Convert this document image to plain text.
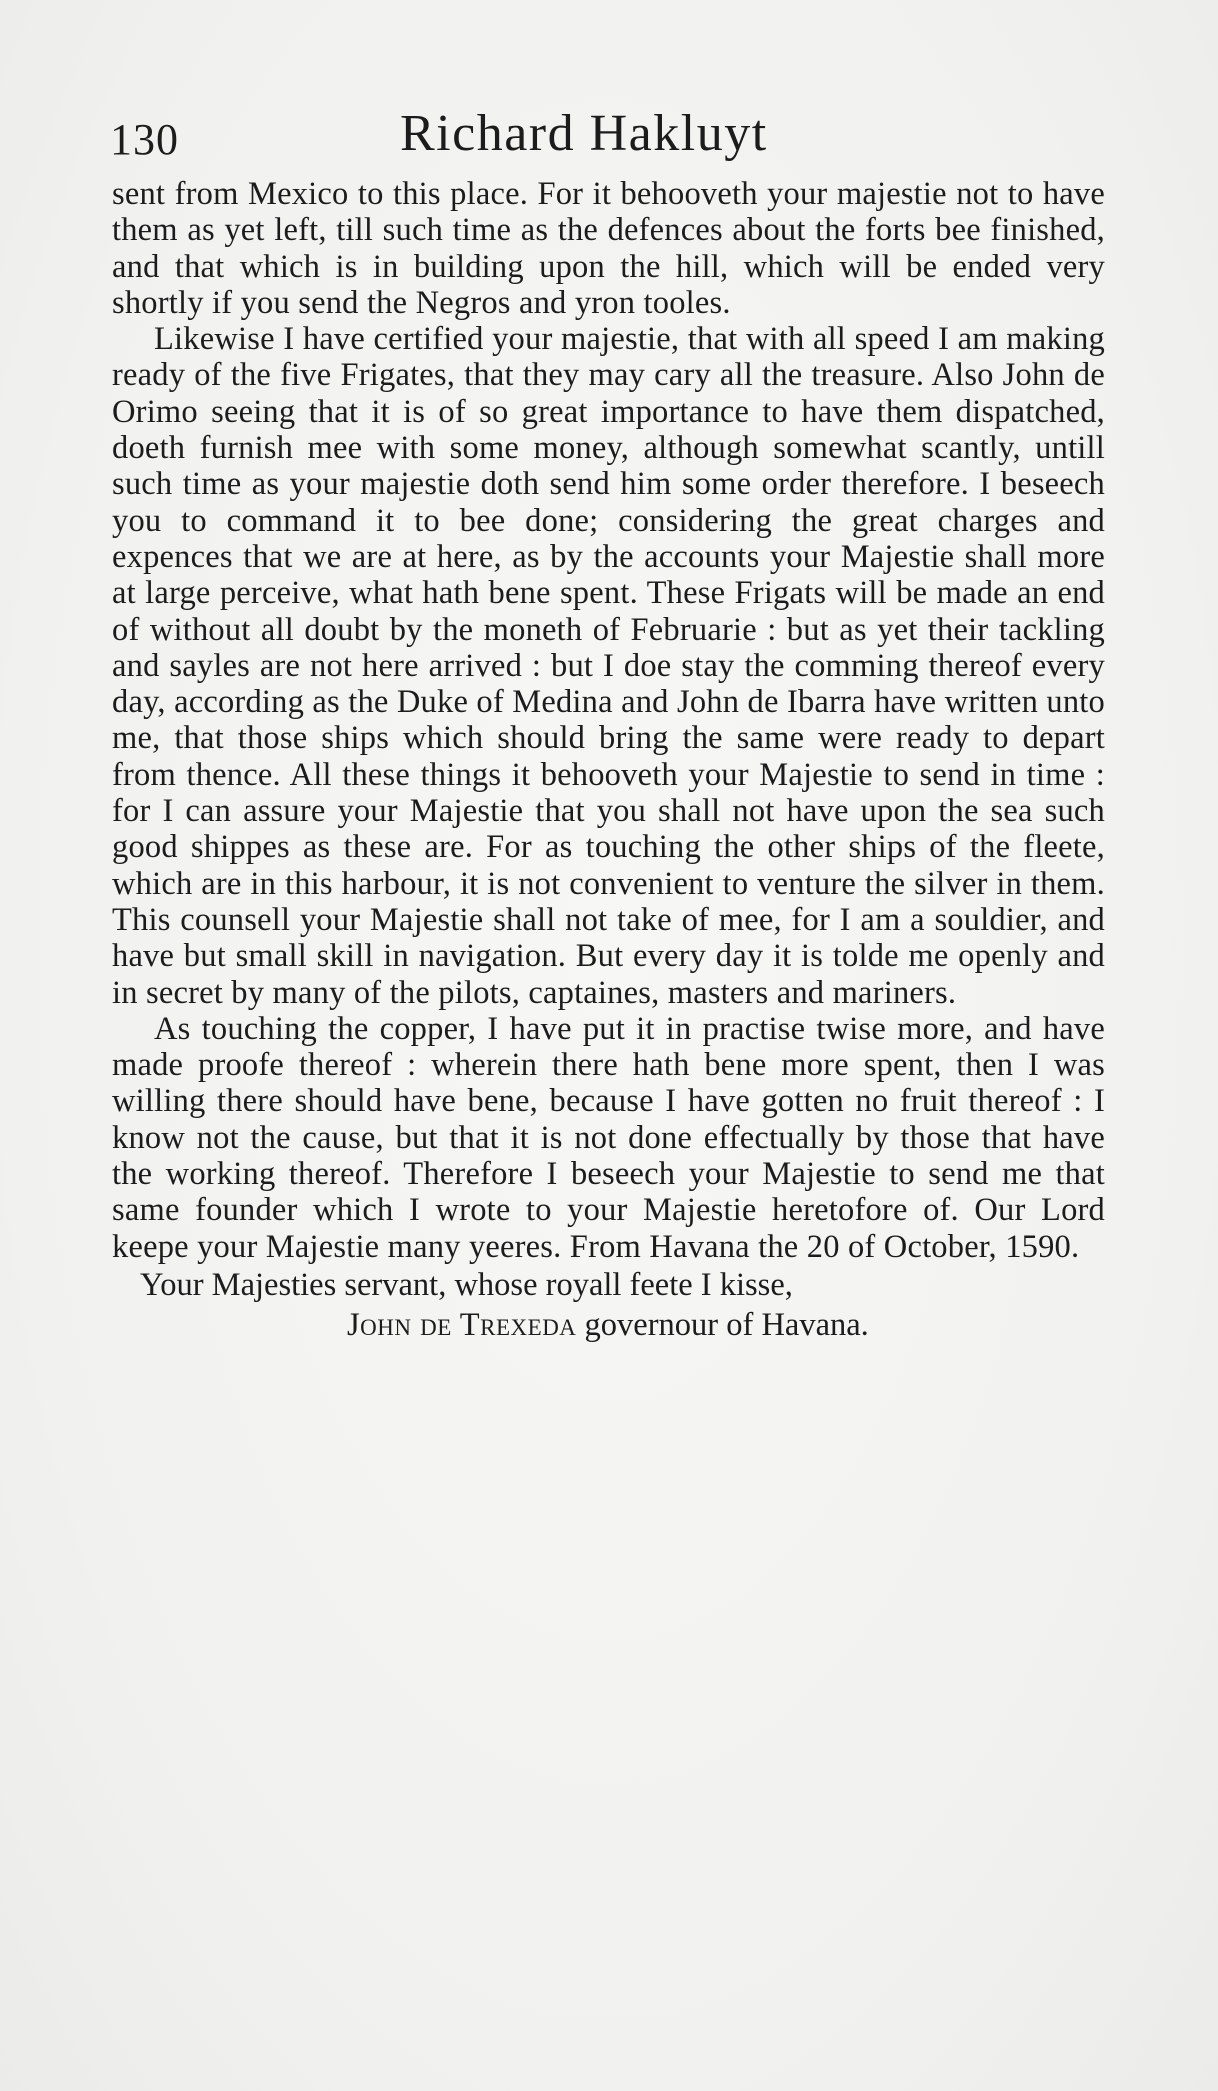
130	Richard Hakluyt

sent from Mexico to this place. For it behooveth your majestie not to have them as yet left, till such time as the defences about the forts bee finished, and that which is in building upon the hill, which will be ended very shortly if you send the Negros and yron tooles.

Likewise I have certified your majestie, that with all speed I am making ready of the five Frigates, that they may cary all the treasure. Also John de Orimo seeing that it is of so great importance to have them dispatched, doeth furnish mee with some money, although somewhat scantly, untill such time as your majestie doth send him some order therefore. I beseech you to command it to bee done; considering the great charges and expences that we are at here, as by the accounts your Majestie shall more at large perceive, what hath bene spent. These Frigats will be made an end of without all doubt by the moneth of Februarie : but as yet their tackling and sayles are not here arrived : but I doe stay the comming thereof every day, according as the Duke of Medina and John de Ibarra have written unto me, that those ships which should bring the same were ready to depart from thence. All these things it behooveth your Majestie to send in time : for I can assure your Majestie that you shall not have upon the sea such good shippes as these are. For as touching the other ships of the fleete, which are in this harbour, it is not convenient to venture the silver in them. This counsell your Majestie shall not take of mee, for I am a souldier, and have but small skill in navigation. But every day it is tolde me openly and in secret by many of the pilots, captaines, masters and mariners.

As touching the copper, I have put it in practise twise more, and have made proofe thereof : wherein there hath bene more spent, then I was willing there should have bene, because I have gotten no fruit thereof : I know not the cause, but that it is not done effectually by those that have the working thereof. Therefore I beseech your Majestie to send me that same founder which I wrote to your Majestie heretofore of. Our Lord keepe your Majestie many yeeres. From Havana the 20 of October, 1590.

Your Majesties servant, whose royall feete I kisse,

John de Trexeda governour of Havana.
